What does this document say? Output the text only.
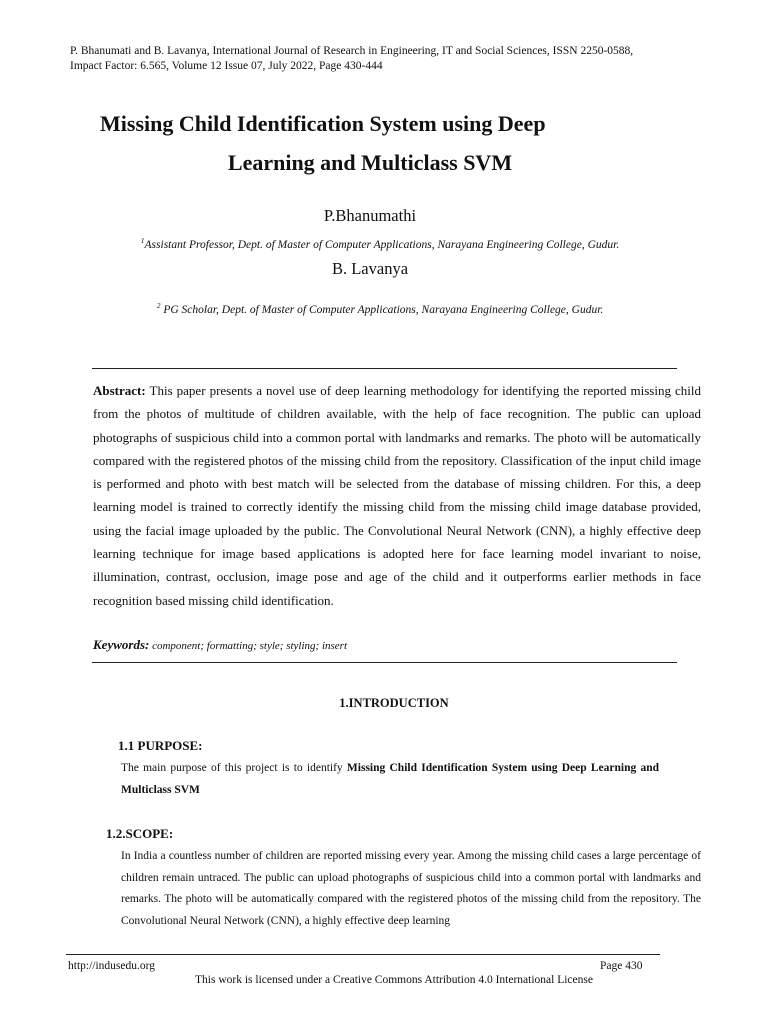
P. Bhanumati and B. Lavanya, International Journal of Research in Engineering, IT and Social Sciences, ISSN 2250-0588,
Impact Factor: 6.565, Volume 12 Issue 07, July 2022, Page 430-444
Missing Child Identification System using Deep
Learning and Multiclass SVM
P.Bhanumathi
$^1$Assistant Professor, Dept. of Master of Computer Applications, Narayana Engineering College, Gudur.
B. Lavanya
$^2$ PG Scholar, Dept. of Master of Computer Applications, Narayana Engineering College, Gudur.
Abstract: This paper presents a novel use of deep learning methodology for identifying the reported missing child from the photos of multitude of children available, with the help of face recognition. The public can upload photographs of suspicious child into a common portal with landmarks and remarks. The photo will be automatically compared with the registered photos of the missing child from the repository. Classification of the input child image is performed and photo with best match will be selected from the database of missing children. For this, a deep learning model is trained to correctly identify the missing child from the missing child image database provided, using the facial image uploaded by the public. The Convolutional Neural Network (CNN), a highly effective deep learning technique for image based applications is adopted here for face learning model invariant to noise, illumination, contrast, occlusion, image pose and age of the child and it outperforms earlier methods in face recognition based missing child identification.
Keywords: component; formatting; style; styling; insert
1.INTRODUCTION
1.1 PURPOSE:
The main purpose of this project is to identify Missing Child Identification System using Deep Learning and Multiclass SVM
1.2.SCOPE:
In India a countless number of children are reported missing every year. Among the missing child cases a large percentage of children remain untraced. The public can upload photographs of suspicious child into a common portal with landmarks and remarks. The photo will be automatically compared with the registered photos of the missing child from the repository. The Convolutional Neural Network (CNN), a highly effective deep learning
http://indusedu.org	Page 430
This work is licensed under a Creative Commons Attribution 4.0 International License
